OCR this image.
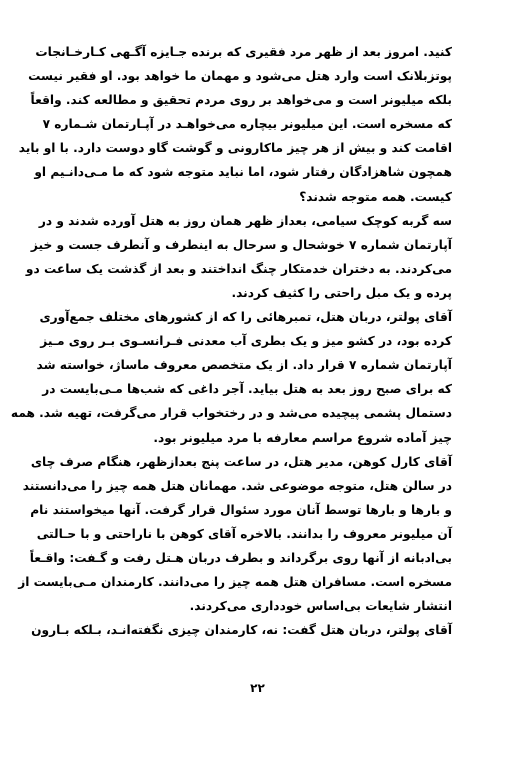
کنید. امروز بعد از ظهر مرد فقیری که برنده جـایزه آگـهی کـارخـانجات
پوتزبلانک است وارد هتل می‌شود و مهمان ما خواهد بود. او فقیر نیست
بلکه میلیونر است و می‌خواهد بر روی مردم تحقیق و مطالعه کند. واقعاً
که مسخره است. این میلیونر بیچاره می‌خواهـد در آپـارتمان شـماره ۷
اقامت کند و بیش از هر چیز ماکارونی و گوشت گاو دوست دارد. با او باید
همچون شاهزادگان رفتار شود، اما نباید متوجه شود که ما مـی‌دانـیم او
کیست. همه متوجه شدند؟
سه گربه کوچک سیامی، بعداز ظهر همان روز به هتل آورده شدند و در
آپارتمان شماره ۷ خوشحال و سرحال به اینطرف و آنطرف جست و خیز
می‌کردند. به دختران خدمتکار چنگ انداختند و بعد از گذشت یک ساعت دو
پرده و یک مبل راحتی را کثیف کردند.
آقای پولتر، دربان هتل، تمبرهائی را که از کشورهای مختلف جمع‌آوری
کرده بود، در کشو میز و یک بطری آب معدنی فـرانسـوی بـر روی مـیز
آپارتمان شماره ۷ قرار داد. از یک متخصص معروف ماساژ، خواسته شد
که برای صبح روز بعد به هتل بیاید. آجر داغی که شب‌ها مـی‌بایست در
دستمال پشمی پیچیده می‌شد و در رختخواب قرار می‌گرفت، تهیه شد. همه
چیز آماده شروع مراسم معارفه با مرد میلیونر بود.
آقای کارل کوهن، مدیر هتل، در ساعت پنج بعدازظهر، هنگام صرف چای
در سالن هتل، متوجه موضوعی شد. مهمانان هتل همه چیز را می‌دانستند
و بارها و بارها توسط آنان مورد سئوال قرار گرفت. آنها میخواستند نام
آن میلیونر معروف را بدانند. بالاخره آقای کوهن با ناراحتی و با حـالتی
بی‌ادبانه از آنها روی برگرداند و بطرف دربان هـتل رفت و گـفت: واقـعاً
مسخره است. مسافران هتل همه چیز را می‌دانند. کارمندان مـی‌بایست از
انتشار شایعات بی‌اساس خودداری می‌کردند.
آقای پولتر، دربان هتل گفت: نه، کارمندان چیزی نگفته‌انـد، بـلکه بـارون
۲۲
